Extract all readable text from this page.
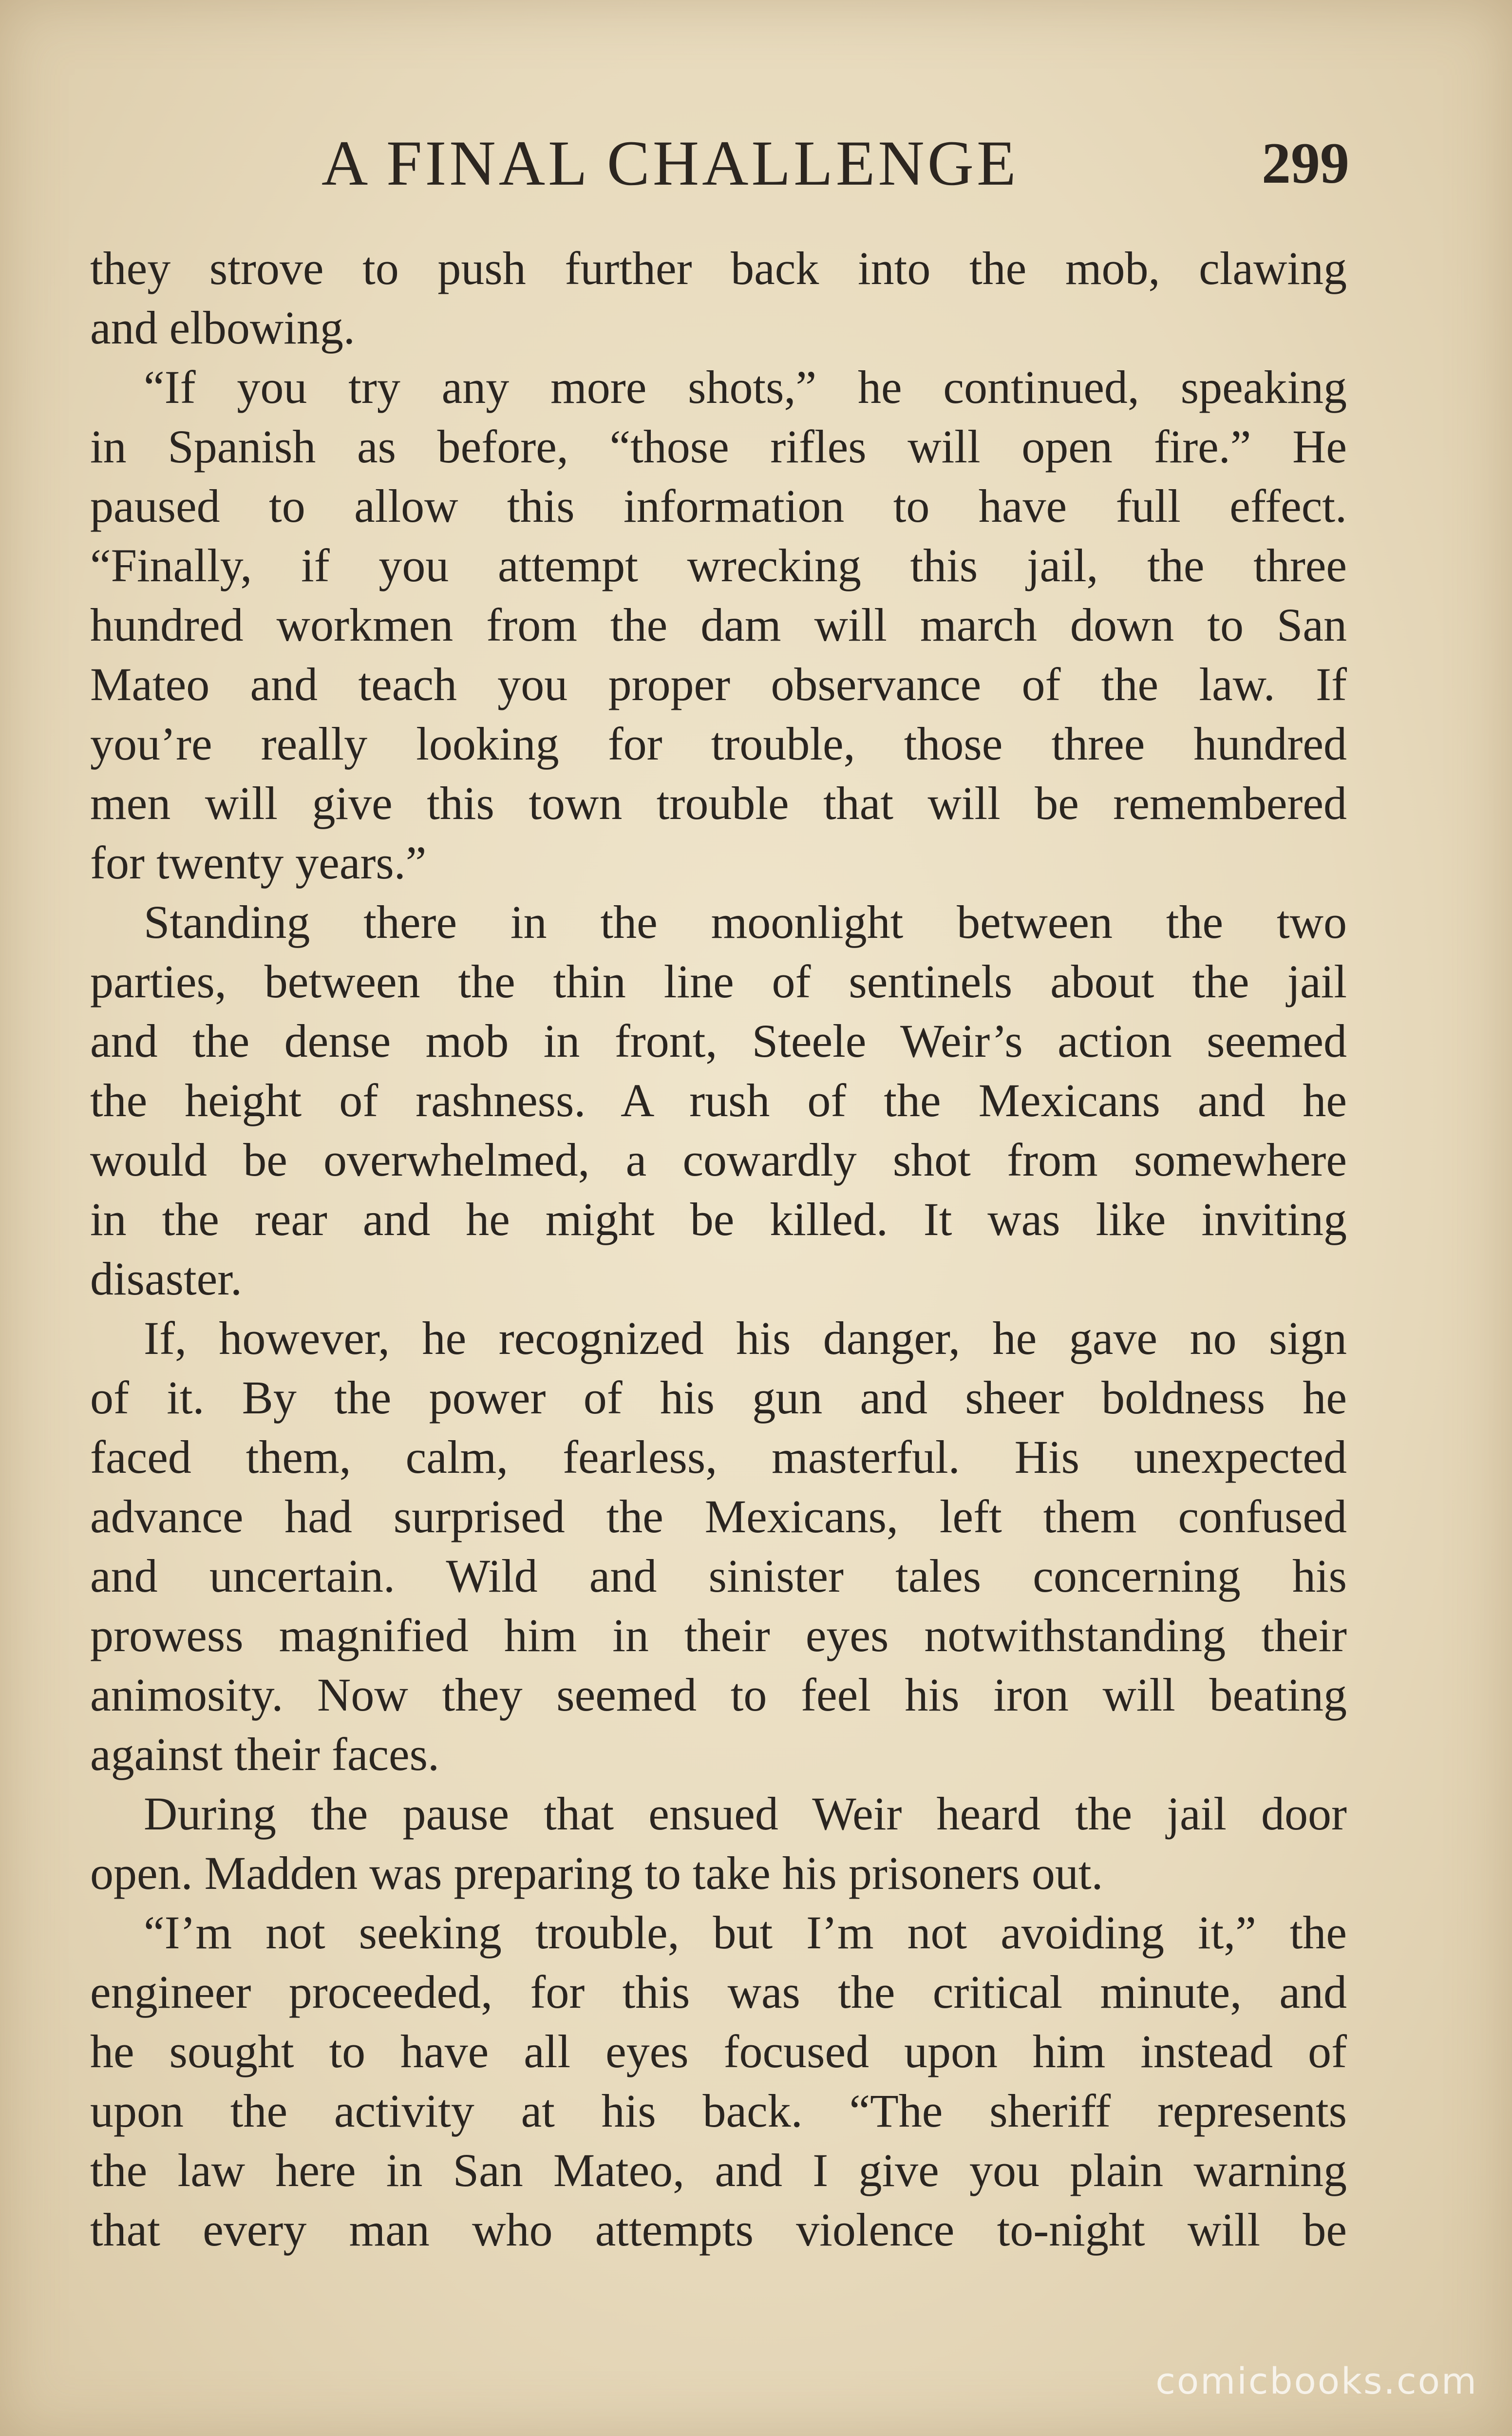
A FINAL CHALLENGE	299
they strove to push further back into the mob, clawing
and elbowing.
“If you try any more shots,” he continued, speaking
in Spanish as before, “those rifles will open fire.” He
paused to allow this information to have full effect.
“Finally, if you attempt wrecking this jail, the three
hundred workmen from the dam will march down to San
Mateo and teach you proper observance of the law. If
you’re really looking for trouble, those three hundred
men will give this town trouble that will be remembered
for twenty years.”
Standing there in the moonlight between the two
parties, between the thin line of sentinels about the jail
and the dense mob in front, Steele Weir’s action seemed
the height of rashness. A rush of the Mexicans and he
would be overwhelmed, a cowardly shot from somewhere
in the rear and he might be killed. It was like inviting
disaster.
If, however, he recognized his danger, he gave no sign
of it. By the power of his gun and sheer boldness he
faced them, calm, fearless, masterful. His unexpected
advance had surprised the Mexicans, left them confused
and uncertain. Wild and sinister tales concerning his
prowess magnified him in their eyes notwithstanding their
animosity. Now they seemed to feel his iron will beating
against their faces.
During the pause that ensued Weir heard the jail door
open. Madden was preparing to take his prisoners out.
“I’m not seeking trouble, but I’m not avoiding it,” the
engineer proceeded, for this was the critical minute, and
he sought to have all eyes focused upon him instead of
upon the activity at his back. “The sheriff represents
the law here in San Mateo, and I give you plain warning
that every man who attempts violence to-night will be
comicbooks.com
